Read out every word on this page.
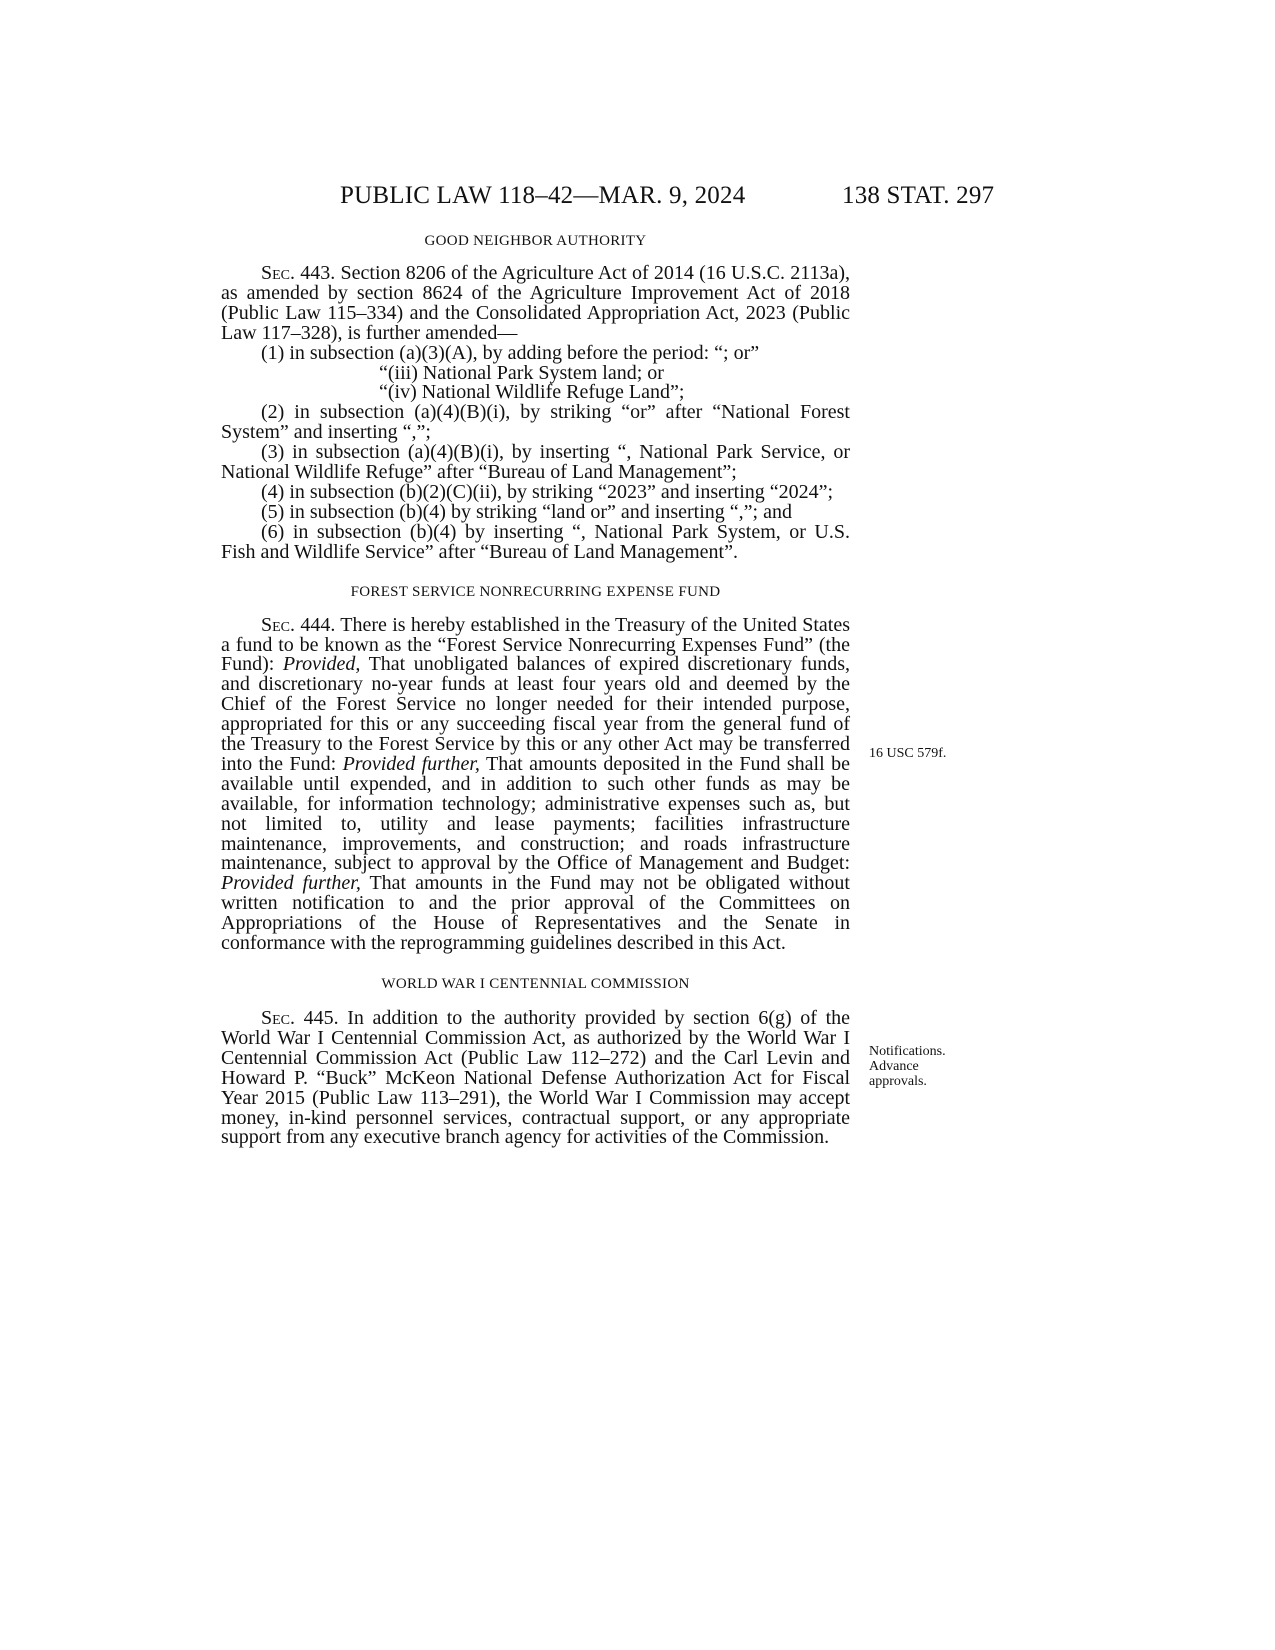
PUBLIC LAW 118–42—MAR. 9, 2024	138 STAT. 297
GOOD NEIGHBOR AUTHORITY

Sec. 443. Section 8206 of the Agriculture Act of 2014 (16 U.S.C. 2113a), as amended by section 8624 of the Agriculture Improvement Act of 2018 (Public Law 115–334) and the Consolidated Appropriation Act, 2023 (Public Law 117–328), is further amended—

(1) in subsection (a)(3)(A), by adding before the period: “; or”

“(iii) National Park System land; or

“(iv) National Wildlife Refuge Land”;

(2) in subsection (a)(4)(B)(i), by striking “or” after “National Forest System” and inserting “,”;

(3) in subsection (a)(4)(B)(i), by inserting “, National Park Service, or National Wildlife Refuge” after “Bureau of Land Management”;

(4) in subsection (b)(2)(C)(ii), by striking “2023” and inserting “2024”;

(5) in subsection (b)(4) by striking “land or” and inserting “,”; and

(6) in subsection (b)(4) by inserting “, National Park System, or U.S. Fish and Wildlife Service” after “Bureau of Land Management”.

FOREST SERVICE NONRECURRING EXPENSE FUND

Sec. 444. There is hereby established in the Treasury of the United States a fund to be known as the “Forest Service Nonrecurring Expenses Fund” (the Fund): Provided, That unobligated balances of expired discretionary funds, and discretionary no-year funds at least four years old and deemed by the Chief of the Forest Service no longer needed for their intended purpose, appropriated for this or any succeeding fiscal year from the general fund of the Treasury to the Forest Service by this or any other Act may be transferred into the Fund: Provided further, That amounts deposited in the Fund shall be available until expended, and in addition to such other funds as may be available, for information technology; administrative expenses such as, but not limited to, utility and lease payments; facilities infrastructure maintenance, improvements, and construction; and roads infrastructure maintenance, subject to approval by the Office of Management and Budget: Provided further, That amounts in the Fund may not be obligated without written notification to and the prior approval of the Committees on Appropriations of the House of Representatives and the Senate in conformance with the reprogramming guidelines described in this Act.

WORLD WAR I CENTENNIAL COMMISSION

Sec. 445. In addition to the authority provided by section 6(g) of the World War I Centennial Commission Act, as authorized by the World War I Centennial Commission Act (Public Law 112–272) and the Carl Levin and Howard P. “Buck” McKeon National Defense Authorization Act for Fiscal Year 2015 (Public Law 113–291), the World War I Commission may accept money, in-kind personnel services, contractual support, or any appropriate support from any executive branch agency for activities of the Commission.

16 USC 579f.
Notifications.
Advance
approvals.
